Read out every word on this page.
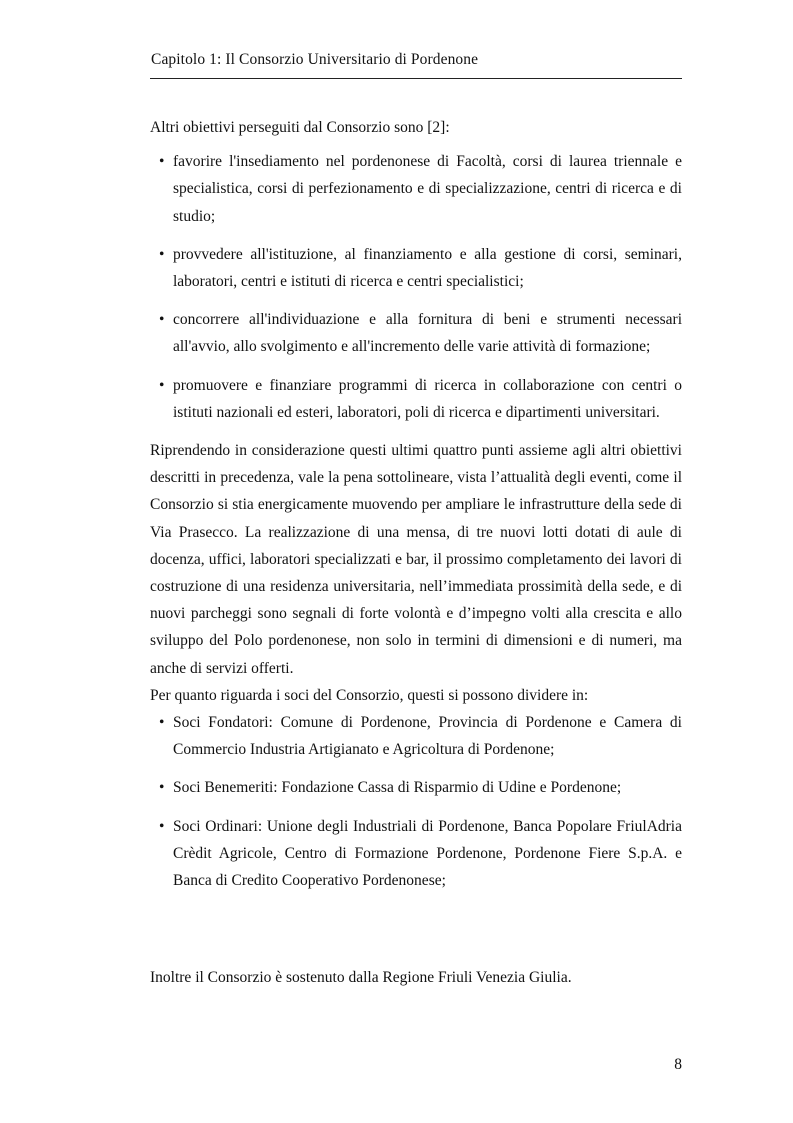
Capitolo 1: Il Consorzio Universitario di Pordenone

Altri obiettivi perseguiti dal Consorzio sono [2]:

• favorire l'insediamento nel pordenonese di Facoltà, corsi di laurea triennale e specialistica, corsi di perfezionamento e di specializzazione, centri di ricerca e di studio;
• provvedere all'istituzione, al finanziamento e alla gestione di corsi, seminari, laboratori, centri e istituti di ricerca e centri specialistici;
• concorrere all'individuazione e alla fornitura di beni e strumenti necessari all'avvio, allo svolgimento e all'incremento delle varie attività di formazione;
• promuovere e finanziare programmi di ricerca in collaborazione con centri o istituti nazionali ed esteri, laboratori, poli di ricerca e dipartimenti universitari.

Riprendendo in considerazione questi ultimi quattro punti assieme agli altri obiettivi descritti in precedenza, vale la pena sottolineare, vista l’attualità degli eventi, come il Consorzio si stia energicamente muovendo per ampliare le infrastrutture della sede di Via Prasecco. La realizzazione di una mensa, di tre nuovi lotti dotati di aule di docenza, uffici, laboratori specializzati e bar, il prossimo completamento dei lavori di costruzione di una residenza universitaria, nell’immediata prossimità della sede, e di nuovi parcheggi sono segnali di forte volontà e d’impegno volti alla crescita e allo sviluppo del Polo pordenonese, non solo in termini di dimensioni e di numeri, ma anche di servizi offerti.

Per quanto riguarda i soci del Consorzio, questi si possono dividere in:

• Soci Fondatori: Comune di Pordenone, Provincia di Pordenone e Camera di Commercio Industria Artigianato e Agricoltura di Pordenone;
• Soci Benemeriti: Fondazione Cassa di Risparmio di Udine e Pordenone;
• Soci Ordinari: Unione degli Industriali di Pordenone, Banca Popolare FriulAdria Crèdit Agricole, Centro di Formazione Pordenone, Pordenone Fiere S.p.A. e Banca di Credito Cooperativo Pordenonese;

Inoltre il Consorzio è sostenuto dalla Regione Friuli Venezia Giulia.

8
